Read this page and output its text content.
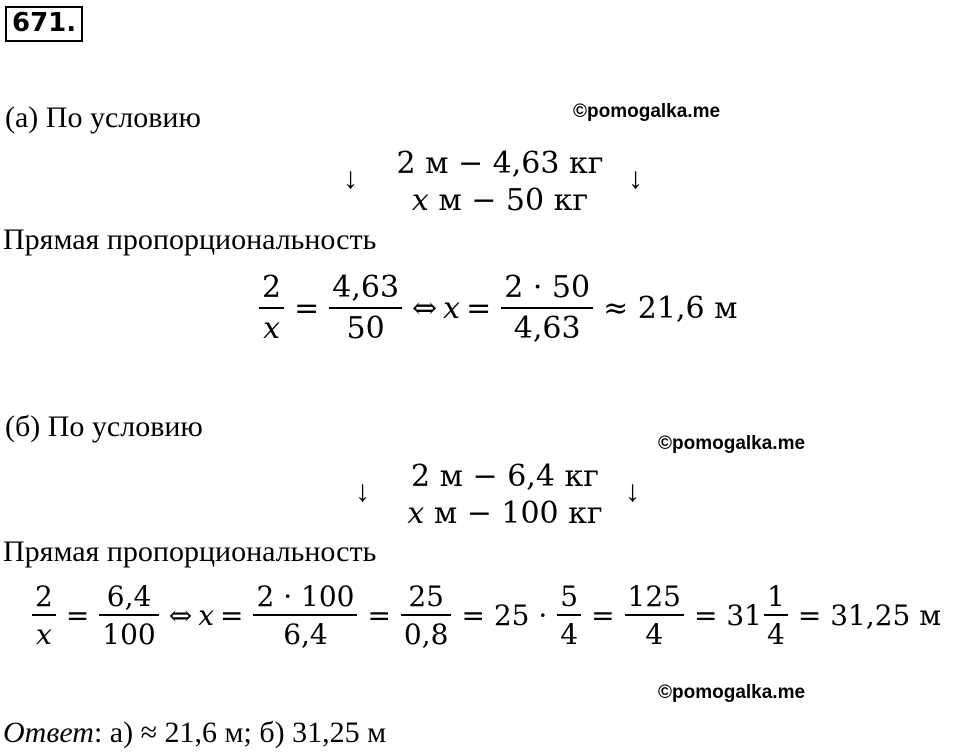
671.
(а) По условию	©pomogalka.me
↓	2 м − 4,63 кг
x м − 50 кг
↓
Прямая пропорциональность
$\frac{2}{x} = \frac{4,63}{50}$ ⇔ $x = \frac{2 \cdot 50}{4,63} \approx 21,6$ м
(б) По условию
©pomogalka.me
↓	2 м − 6,4 кг
x м − 100 кг
↓
Прямая пропорциональность
$\frac{2}{x} = \frac{6,4}{100}$ ⇔ $x = \frac{2 \cdot 100}{6,4} = \frac{25}{0,8} = 25 \cdot \frac{5}{4} = \frac{125}{4} = 31 \frac{1}{4} = 31,25$ м
©pomogalka.me
Ответ: а) ≈ 21,6 м; б) 31,25 м
